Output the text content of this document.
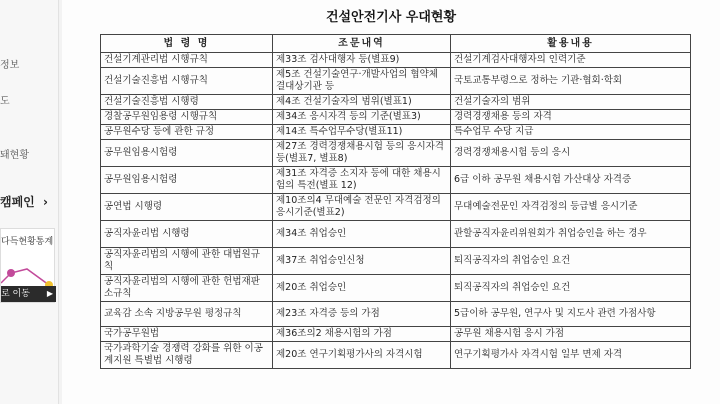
정보
도
돼현황
캠페인 ›
다득현황통계
로 이동 ▶
건설안전기사 우대현황
법 령 명	조문내역	활용내용
건설기계관리법 시행규칙	제33조 검사대행자 등(별표9)	건설기계검사대행자의 인력기준
건설기술진흥법 시행규칙	제5조 건설기술연구·개발사업의 협약체결대상기관 등	국토교통부령으로 정하는 기관·협회·학회
건설기술진흥법 시행령	제4조 건설기술자의 범위(별표1)	건설기술자의 범위
경찰공무원임용령 시행규칙	제34조 응시자격 등의 기준(별표3)	경력경쟁채용 등의 자격
공무원수당 등에 관한 규정	제14조 특수업무수당(별표11)	특수업무 수당 지급
공무원임용시험령	제27조 경력경쟁채용시험 등의 응시자격 등(별표7, 별표8)	경력경쟁채용시험 등의 응시
공무원임용시험령	제31조 자격증 소지자 등에 대한 채용시험의 특전(별표 12)	6급 이하 공무원 채용시험 가산대상 자격증
공연법 시행령	제10조의4 무대예술 전문인 자격검정의 응시기준(별표2)	무대예술전문인 자격검정의 등급별 응시기준
공직자윤리법 시행령	제34조 취업승인	관할공직자윤리위원회가 취업승인을 하는 경우
공직자윤리법의 시행에 관한 대법원규칙	제37조 취업승인신청	퇴직공직자의 취업승인 요건
공직자윤리법의 시행에 관한 헌법재판소규칙	제20조 취업승인	퇴직공직자의 취업승인 요건
교육감 소속 지방공무원 평정규칙	제23조 자격증 등의 가점	5급이하 공무원, 연구사 및 지도사 관련 가점사항
국가공무원법	제36조의2 채용시험의 가점	공무원 채용시험 응시 가점
국가과학기술 경쟁력 강화를 위한 이공계지원 특별법 시행령	제20조 연구기획평가사의 자격시험	연구기획평가사 자격시험 일부 면제 자격
